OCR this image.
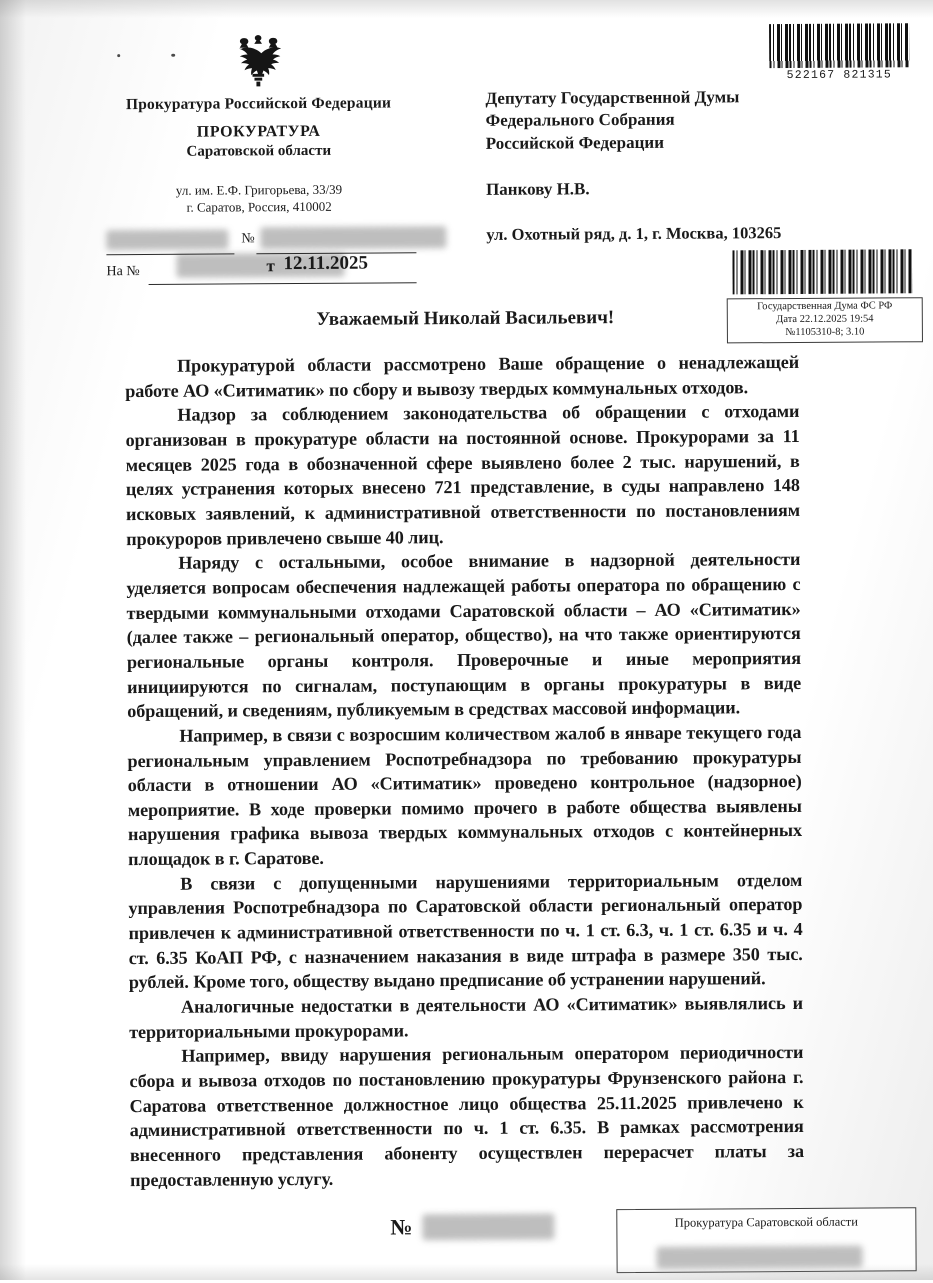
Прокуратура Российской Федерации
ПРОКУРАТУРА
Саратовской области
ул. им. Е.Ф. Григорьева, 33/39
г. Саратов, Россия, 410002
№
На №	т 12.11.2025
Депутату Государственной Думы
Федерального Собрания
Российской Федерации
Панкову Н.В.
ул. Охотный ряд, д. 1, г. Москва, 103265
522167 821315
Государственная Дума ФС РФ
Дата 22.12.2025 19:54
№1105310-8; 3.10
Уважаемый Николай Васильевич!

Прокуратурой области рассмотрено Ваше обращение о ненадлежащей работе АО «Ситиматик» по сбору и вывозу твердых коммунальных отходов.

Надзор за соблюдением законодательства об обращении с отходами организован в прокуратуре области на постоянной основе. Прокурорами за 11 месяцев 2025 года в обозначенной сфере выявлено более 2 тыс. нарушений, в целях устранения которых внесено 721 представление, в суды направлено 148 исковых заявлений, к административной ответственности по постановлениям прокуроров привлечено свыше 40 лиц.

Наряду с остальными, особое внимание в надзорной деятельности уделяется вопросам обеспечения надлежащей работы оператора по обращению с твердыми коммунальными отходами Саратовской области – АО «Ситиматик» (далее также – региональный оператор, общество), на что также ориентируются региональные органы контроля. Проверочные и иные мероприятия инициируются по сигналам, поступающим в органы прокуратуры в виде обращений, и сведениям, публикуемым в средствах массовой информации.

Например, в связи с возросшим количеством жалоб в январе текущего года региональным управлением Роспотребнадзора по требованию прокуратуры области в отношении АО «Ситиматик» проведено контрольное (надзорное) мероприятие. В ходе проверки помимо прочего в работе общества выявлены нарушения графика вывоза твердых коммунальных отходов с контейнерных площадок в г. Саратове.

В связи с допущенными нарушениями территориальным отделом управления Роспотребнадзора по Саратовской области региональный оператор привлечен к административной ответственности по ч. 1 ст. 6.3, ч. 1 ст. 6.35 и ч. 4 ст. 6.35 КоАП РФ, с назначением наказания в виде штрафа в размере 350 тыс. рублей. Кроме того, обществу выдано предписание об устранении нарушений.

Аналогичные недостатки в деятельности АО «Ситиматик» выявлялись и территориальными прокурорами.

Например, ввиду нарушения региональным оператором периодичности сбора и вывоза отходов по постановлению прокуратуры Фрунзенского района г. Саратова ответственное должностное лицо общества 25.11.2025 привлечено к административной ответственности по ч. 1 ст. 6.35. В рамках рассмотрения внесенного представления абоненту осуществлен перерасчет платы за предоставленную услугу.

№	Прокуратура Саратовской области
